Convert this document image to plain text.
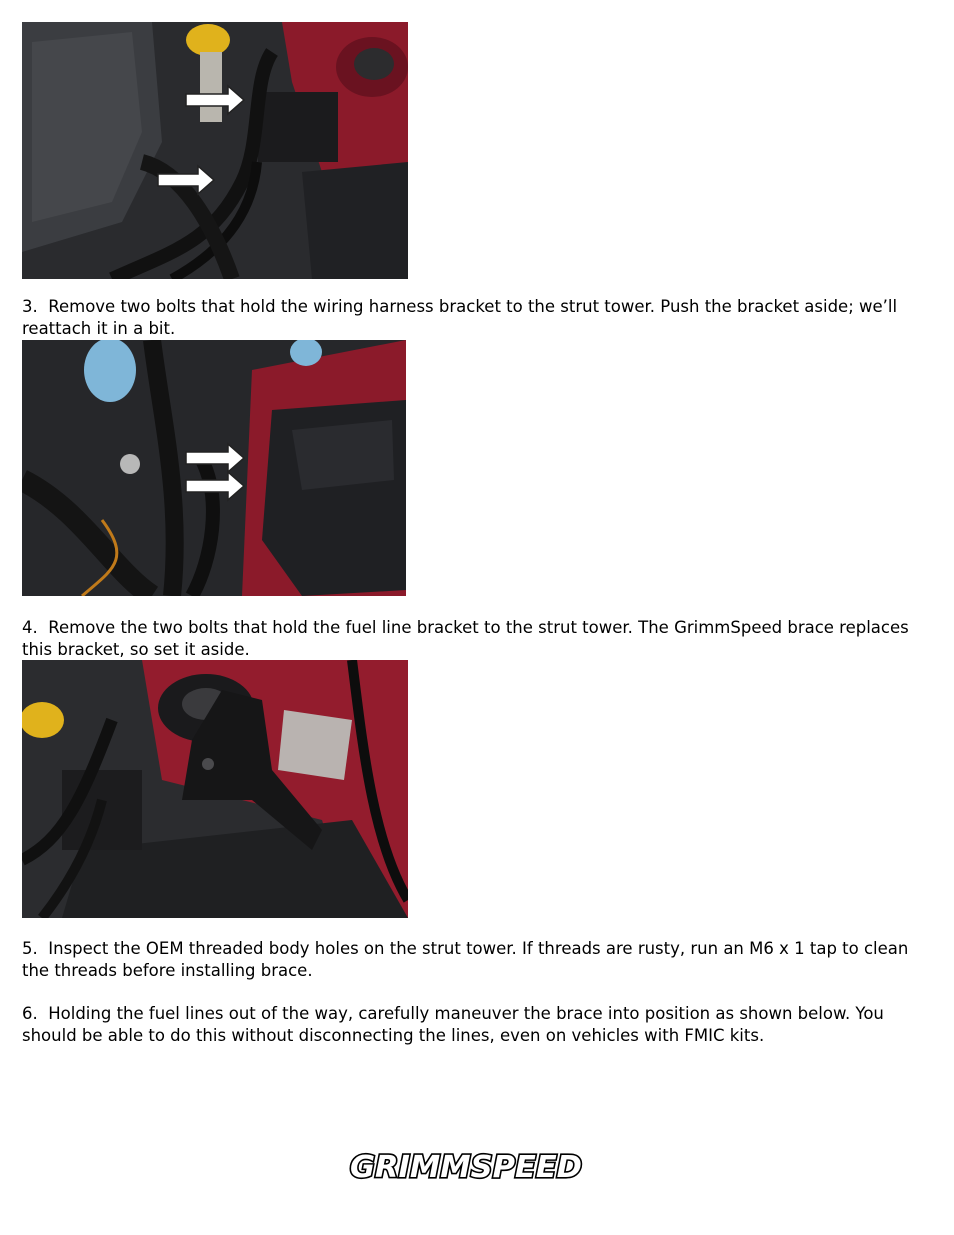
3. Remove two bolts that hold the wiring harness bracket to the strut tower. Push the bracket aside; we’ll reattach it in a bit.

4. Remove the two bolts that hold the fuel line bracket to the strut tower. The GrimmSpeed brace replaces this bracket, so set it aside.

5. Inspect the OEM threaded body holes on the strut tower. If threads are rusty, run an M6 x 1 tap to clean the threads before installing brace.

6. Holding the fuel lines out of the way, carefully maneuver the brace into position as shown below. You should be able to do this without disconnecting the lines, even on vehicles with FMIC kits.

GRIMMSPEED
